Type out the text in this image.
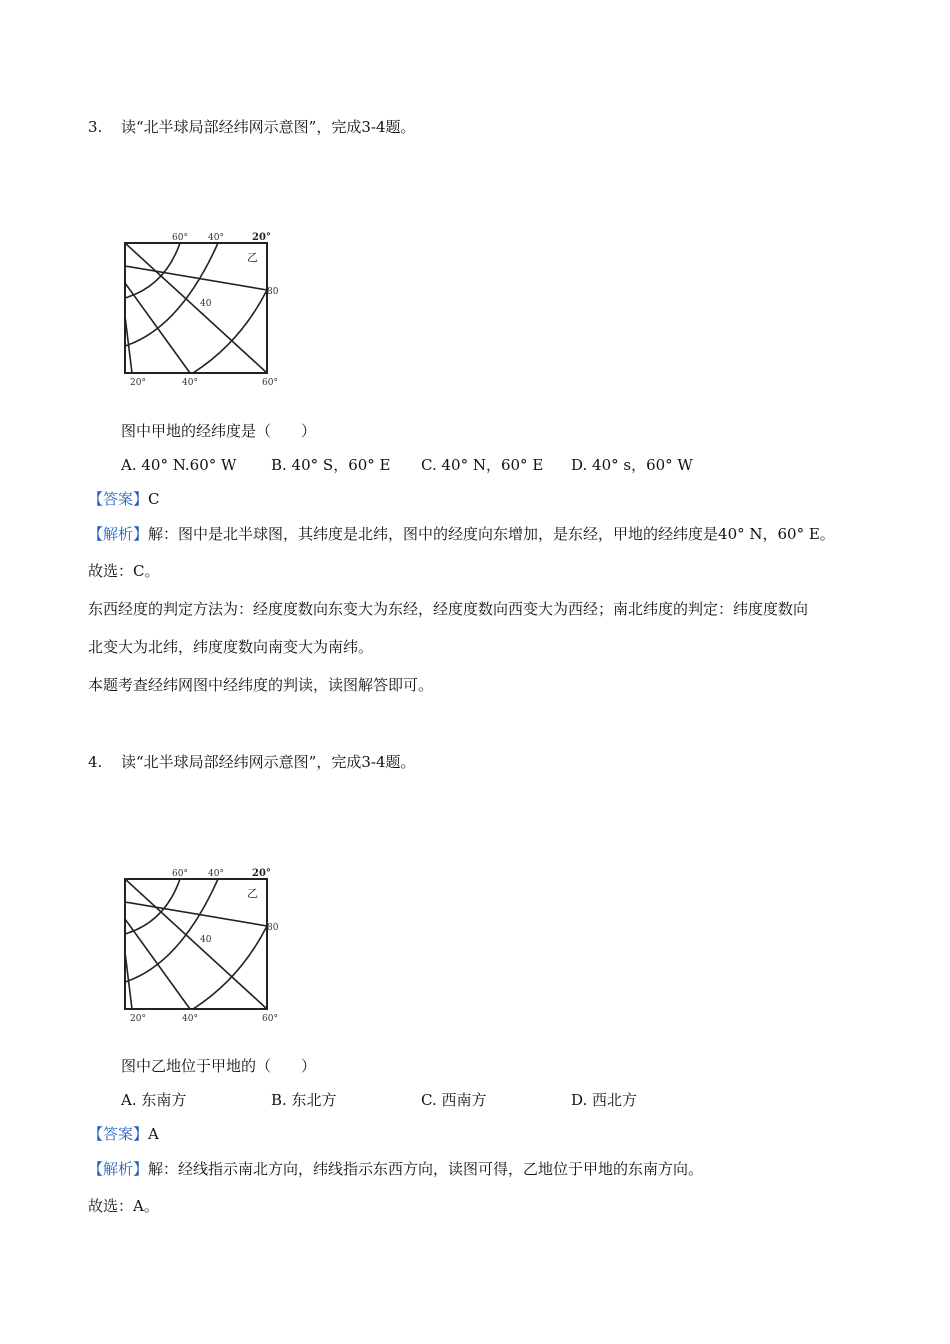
3. 读“北半球局部经纬网示意图”，完成3-4题。
60° 40°	20°
乙
80
40
20°	40°	60°
图中甲地的经纬度是（　　）
A. 40° N.60° W B. 40° S，60° E C. 40° N，60° E D. 40° s，60° W
【答案】C
【解析】解：图中是北半球图，其纬度是北纬，图中的经度向东增加，是东经，甲地的经纬度是40° N，60° E。
故选：C。
东西经度的判定方法为：经度度数向东变大为东经，经度度数向西变大为西经；南北纬度的判定：纬度度数向
北变大为北纬，纬度度数向南变大为南纬。
本题考查经纬网图中经纬度的判读，读图解答即可。
4. 读“北半球局部经纬网示意图”，完成3-4题。
60° 40°	20°
乙
80
40
20°	40°	60°
图中乙地位于甲地的（　　）
A. 东南方	B. 东北方	C. 西南方	D. 西北方
【答案】A
【解析】解：经线指示南北方向，纬线指示东西方向，读图可得，乙地位于甲地的东南方向。
故选：A。
